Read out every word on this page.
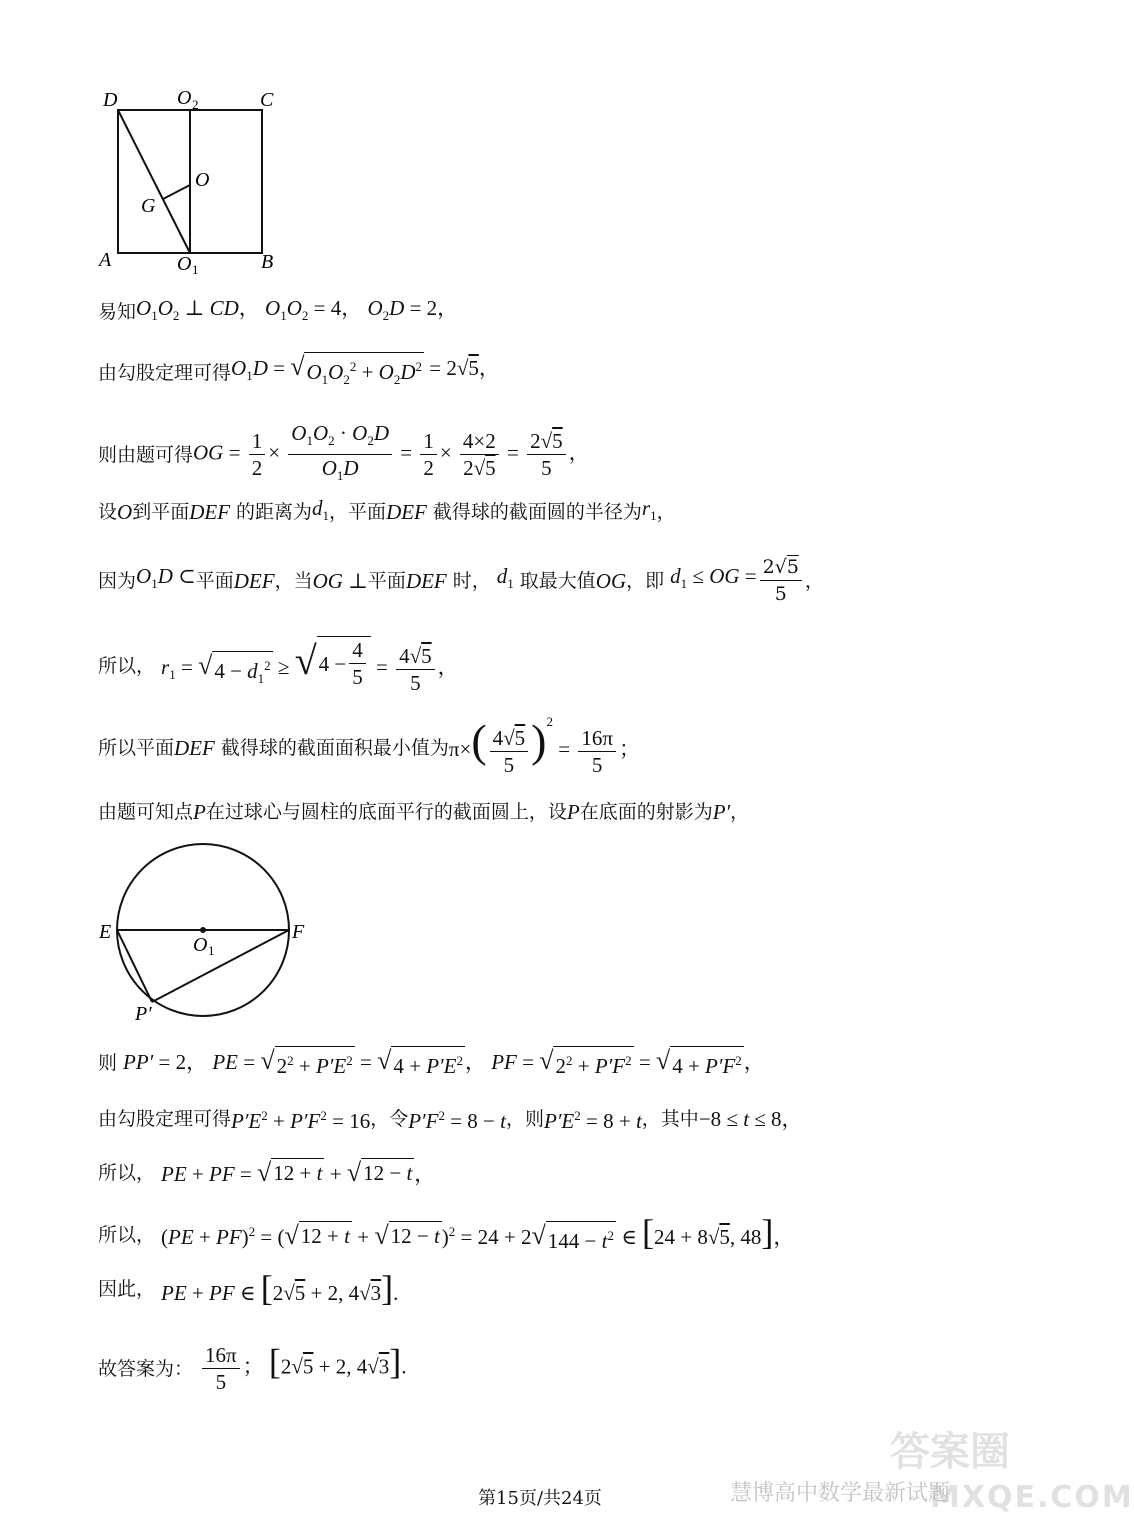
D	O 2	C
O
G
A	O 1	B
易知 $O_1O_2$ ⊥ CD， $O_1O_2 = 4$， $O_2D = 2$，
由勾股定理可得 $O_1D$ = √ $O_1O_2^2 + O_2D^2 = 2√5$，
则由题可得 OG = $\frac{1}{2} \times \frac{O_1O_2 \cdot O_2D}{O_1D} = \frac{1}{2} \times \frac{4\times 2}{2√5} = \frac{2√5}{5}$ ，
设 O 到平面 DEF 的距离为 $d_1$ ，平面 DEF 截得球的截面圆的半径为 $r_1$ ，
因为 $O_1D$ ⊂ 平面 DEF ，当 OG ⊥ 平面 DEF 时， $d_1$ 取最大值 OG ，即 $d_1$ ≤ OG = $\frac{2√5}{5}$ ，
所以， $r_1$ = √ $4 - d_1^2$ ≥ √ $4 - \frac{4}{5} = \frac{4√5}{5}$ ，
所以平面 DEF 截得球的截面面积最小值为 $\pi\times( \frac{4√5}{5} )^2 = \frac{16\pi}{5}$ ；
由题可知点 P 在过球心与圆柱的底面平行的截面圆上，设 P 在底面的射影为 P′ ，
E	F
O 1
P′
则 PP′ = 2， PE = √ $2^2 + P'E^2$ = √ $4 + P'E^2$ ， PF = √ $2^2 + P'F^2$ = √ $4 + P'F^2$ ，
由勾股定理可得 $P'E^2 + P'F^2 = 16$ ，令 $P'F^2 = 8 - t$ ，则 $P'E^2 = 8 + t$ ，其中 −8 ≤ t ≤ 8，
所以， PE + PF = √ 12 + t + √ 12 − t ，
所以， (PE + PF)$^2$ = ( √ 12 + t + √ 12 − t )$^2$ = 24 + 2 √ $144 - t^2$ ∈ [24 + 8√5, 48]，
因此， PE + PF ∈ [2√5 + 2, 4√3].
故答案为： $\frac{16\pi}{5}$ ； [2√5 + 2, 4√3].
第15页/共24页	慧博高中数学最新试题
答案圈
MXQE.COM
